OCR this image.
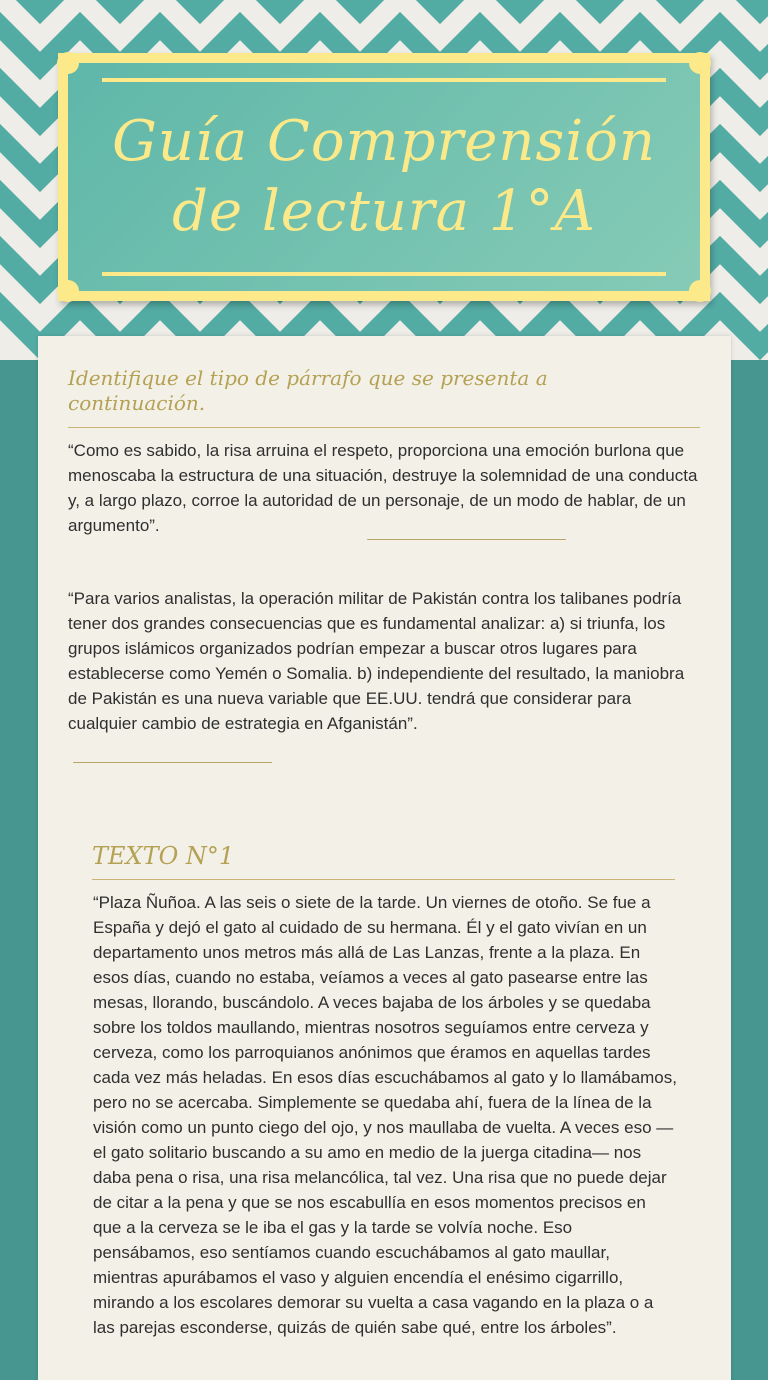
Guía Comprensión
de lectura 1°A
Identifique el tipo de párrafo que se presenta a continuación.
“Como es sabido, la risa arruina el respeto, proporciona una emoción burlona que menoscaba la estructura de una situación, destruye la solemnidad de una conducta y, a largo plazo, corroe la autoridad de un personaje, de un modo de hablar, de un argumento”.
“Para varios analistas, la operación militar de Pakistán contra los talibanes podría tener dos grandes consecuencias que es fundamental analizar: a) si triunfa, los grupos islámicos organizados podrían empezar a buscar otros lugares para establecerse como Yemén o Somalia. b) independiente del resultado, la maniobra de Pakistán es una nueva variable que EE.UU. tendrá que considerar para cualquier cambio de estrategia en Afganistán”.
TEXTO N°1
“Plaza Ñuñoa. A las seis o siete de la tarde. Un viernes de otoño. Se fue a España y dejó el gato al cuidado de su hermana. Él y el gato vivían en un departamento unos metros más allá de Las Lanzas, frente a la plaza. En esos días, cuando no estaba, veíamos a veces al gato pasearse entre las mesas, llorando, buscándolo. A veces bajaba de los árboles y se quedaba sobre los toldos maullando, mientras nosotros seguíamos entre cerveza y cerveza, como los parroquianos anónimos que éramos en aquellas tardes cada vez más heladas. En esos días escuchábamos al gato y lo llamábamos, pero no se acercaba. Simplemente se quedaba ahí, fuera de la línea de la visión como un punto ciego del ojo, y nos maullaba de vuelta. A veces eso —el gato solitario buscando a su amo en medio de la juerga citadina— nos daba pena o risa, una risa melancólica, tal vez. Una risa que no puede dejar de citar a la pena y que se nos escabullía en esos momentos precisos en que a la cerveza se le iba el gas y la tarde se volvía noche. Eso pensábamos, eso sentíamos cuando escuchábamos al gato maullar, mientras apurábamos el vaso y alguien encendía el enésimo cigarrillo, mirando a los escolares demorar su vuelta a casa vagando en la plaza o a las parejas esconderse, quizás de quién sabe qué, entre los árboles”.
